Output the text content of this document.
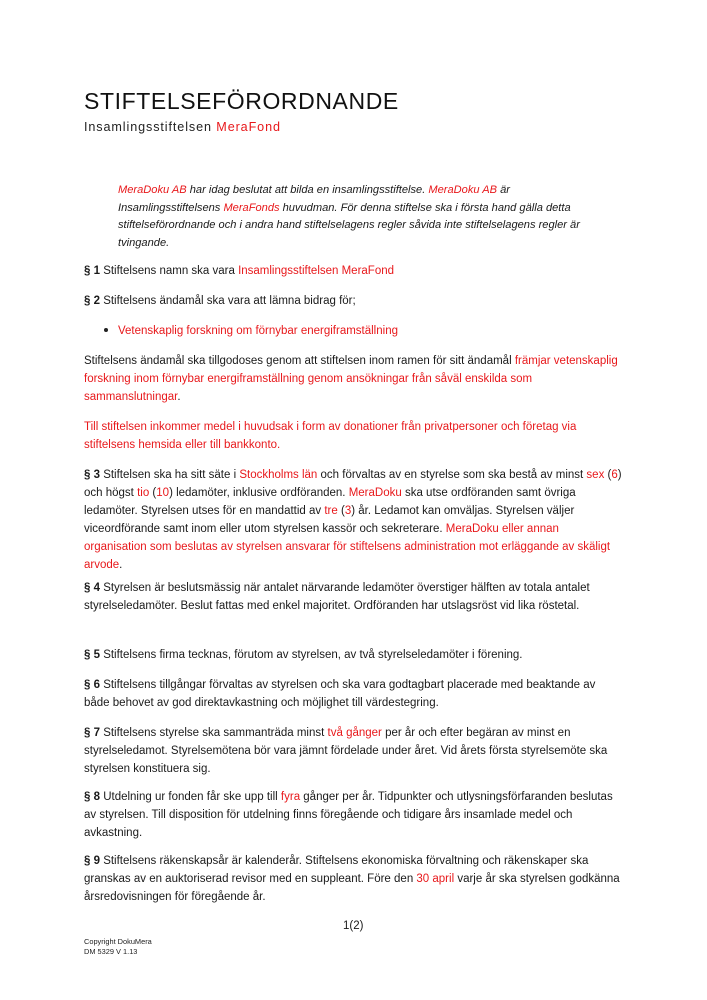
STIFTELSEFÖRORDNANDE
Insamlingsstiftelsen MeraFond

MeraDoku AB har idag beslutat att bilda en insamlingsstiftelse. MeraDoku AB är Insamlingsstiftelsens MeraFonds huvudman. För denna stiftelse ska i första hand gälla detta stiftelseförordnande och i andra hand stiftelselagens regler såvida inte stiftelselagens regler är tvingande.

§ 1 Stiftelsens namn ska vara Insamlingsstiftelsen MeraFond

§ 2 Stiftelsens ändamål ska vara att lämna bidrag för;

Vetenskaplig forskning om förnybar energiframställning

Stiftelsens ändamål ska tillgodoses genom att stiftelsen inom ramen för sitt ändamål främjar vetenskaplig forskning inom förnybar energiframställning genom ansökningar från såväl enskilda som sammanslutningar.

Till stiftelsen inkommer medel i huvudsak i form av donationer från privatpersoner och företag via stiftelsens hemsida eller till bankkonto.

§ 3 Stiftelsen ska ha sitt säte i Stockholms län och förvaltas av en styrelse som ska bestå av minst sex (6) och högst tio (10) ledamöter, inklusive ordföranden. MeraDoku ska utse ordföranden samt övriga ledamöter. Styrelsen utses för en mandattid av tre (3) år. Ledamot kan omväljas. Styrelsen väljer viceordförande samt inom eller utom styrelsen kassör och sekreterare. MeraDoku eller annan organisation som beslutas av styrelsen ansvarar för stiftelsens administration mot erläggande av skäligt arvode.

§ 4 Styrelsen är beslutsmässig när antalet närvarande ledamöter överstiger hälften av totala antalet styrelseledamöter. Beslut fattas med enkel majoritet. Ordföranden har utslagsröst vid lika röstetal.

§ 5 Stiftelsens firma tecknas, förutom av styrelsen, av två styrelseledamöter i förening.

§ 6 Stiftelsens tillgångar förvaltas av styrelsen och ska vara godtagbart placerade med beaktande av både behovet av god direktavkastning och möjlighet till värdestegring.

§ 7 Stiftelsens styrelse ska sammanträda minst två gånger per år och efter begäran av minst en styrelseledamot. Styrelsemötena bör vara jämnt fördelade under året. Vid årets första styrelsemöte ska styrelsen konstituera sig.

§ 8 Utdelning ur fonden får ske upp till fyra gånger per år. Tidpunkter och utlysningsförfaranden beslutas av styrelsen. Till disposition för utdelning finns föregående och tidigare års insamlade medel och avkastning.

§ 9 Stiftelsens räkenskapsår är kalenderår. Stiftelsens ekonomiska förvaltning och räkenskaper ska granskas av en auktoriserad revisor med en suppleant. Före den 30 april varje år ska styrelsen godkänna årsredovisningen för föregående år.

1(2)
Copyright DokuMera
DM 5329 V 1.13
